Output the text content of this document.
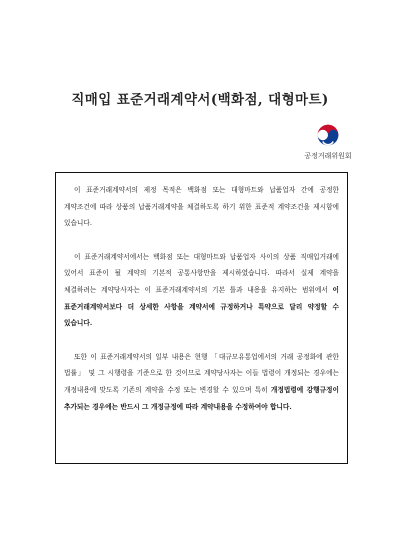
직매입 표준거래계약서(백화점, 대형마트)
공정거래위원회

이 표준거래계약서의 제정 목적은 백화점 또는 대형마트와 납품업자 간에 공정한 계약조건에 따라 상품의 납품거래계약을 체결하도록 하기 위한 표준적 계약조건을 제시함에 있습니다.

이 표준거래계약서에서는 백화점 또는 대형마트와 납품업자 사이의 상품 직매입거래에 있어서 표준이 될 계약의 기본적 공통사항만을 제시하였습니다. 따라서 실제 계약을 체결하려는 계약당사자는 이 표준거래계약서의 기본 틀과 내용을 유지하는 범위에서 이 표준거래계약서보다 더 상세한 사항을 계약서에 규정하거나 특약으로 달리 약정할 수 있습니다.

또한 이 표준거래계약서의 일부 내용은 현행 「대규모유통업에서의 거래 공정화에 관한 법률」 및 그 시행령을 기준으로 한 것이므로 계약당사자는 이들 법령이 개정되는 경우에는 개정내용에 맞도록 기존의 계약을 수정 또는 변경할 수 있으며 특히 개정법령에 강행규정이 추가되는 경우에는 반드시 그 개정규정에 따라 계약내용을 수정하여야 합니다.
